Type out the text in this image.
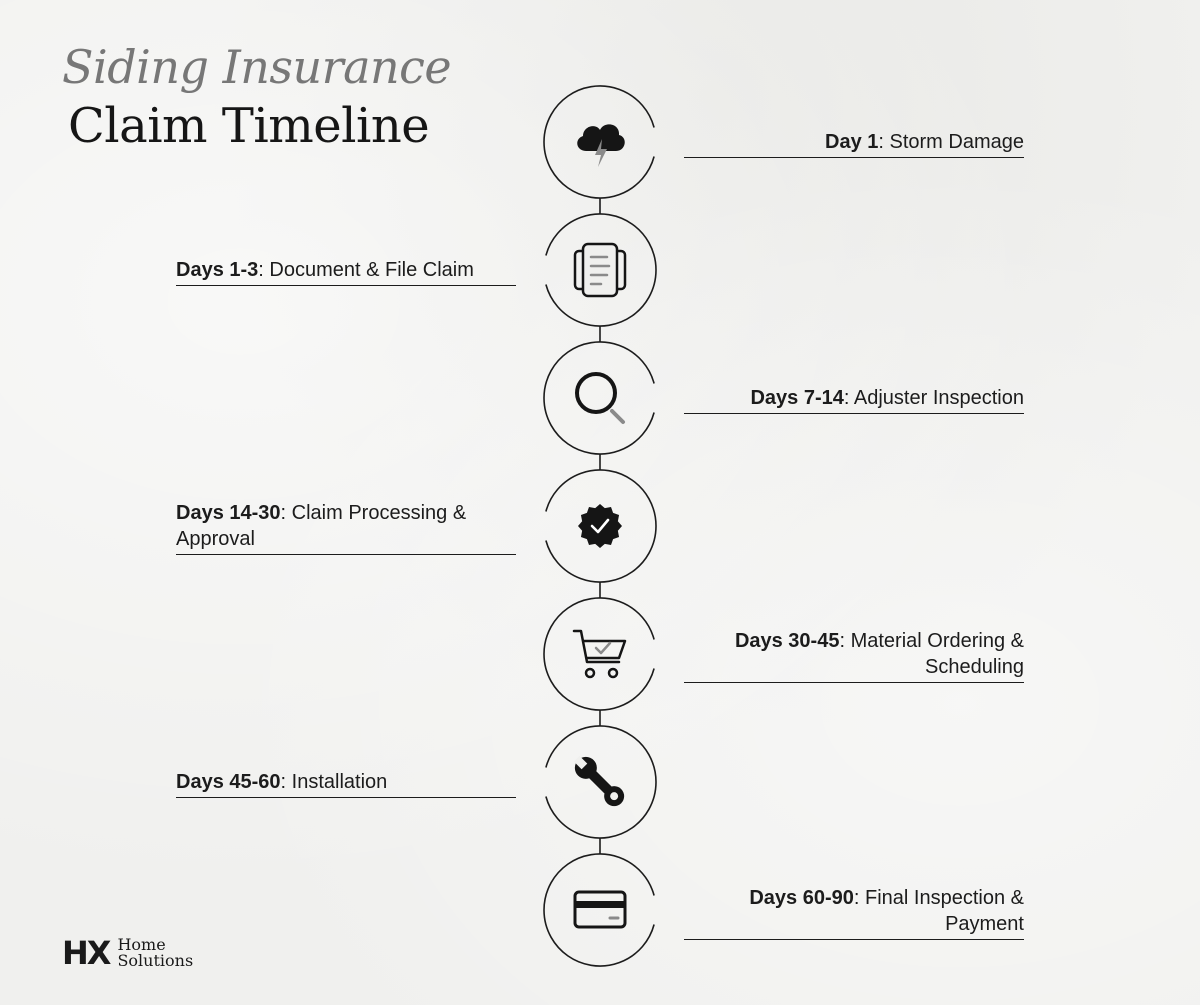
Siding Insurance
Claim Timeline	Day 1: Storm Damage
Days 1-3: Document & File Claim
Days 7-14: Adjuster Inspection
Days 14-30: Claim Processing & Approval
Days 30-45: Material Ordering & Scheduling
Days 45-60: Installation
Days 60-90: Final Inspection & Payment
HX Home
Solutions
